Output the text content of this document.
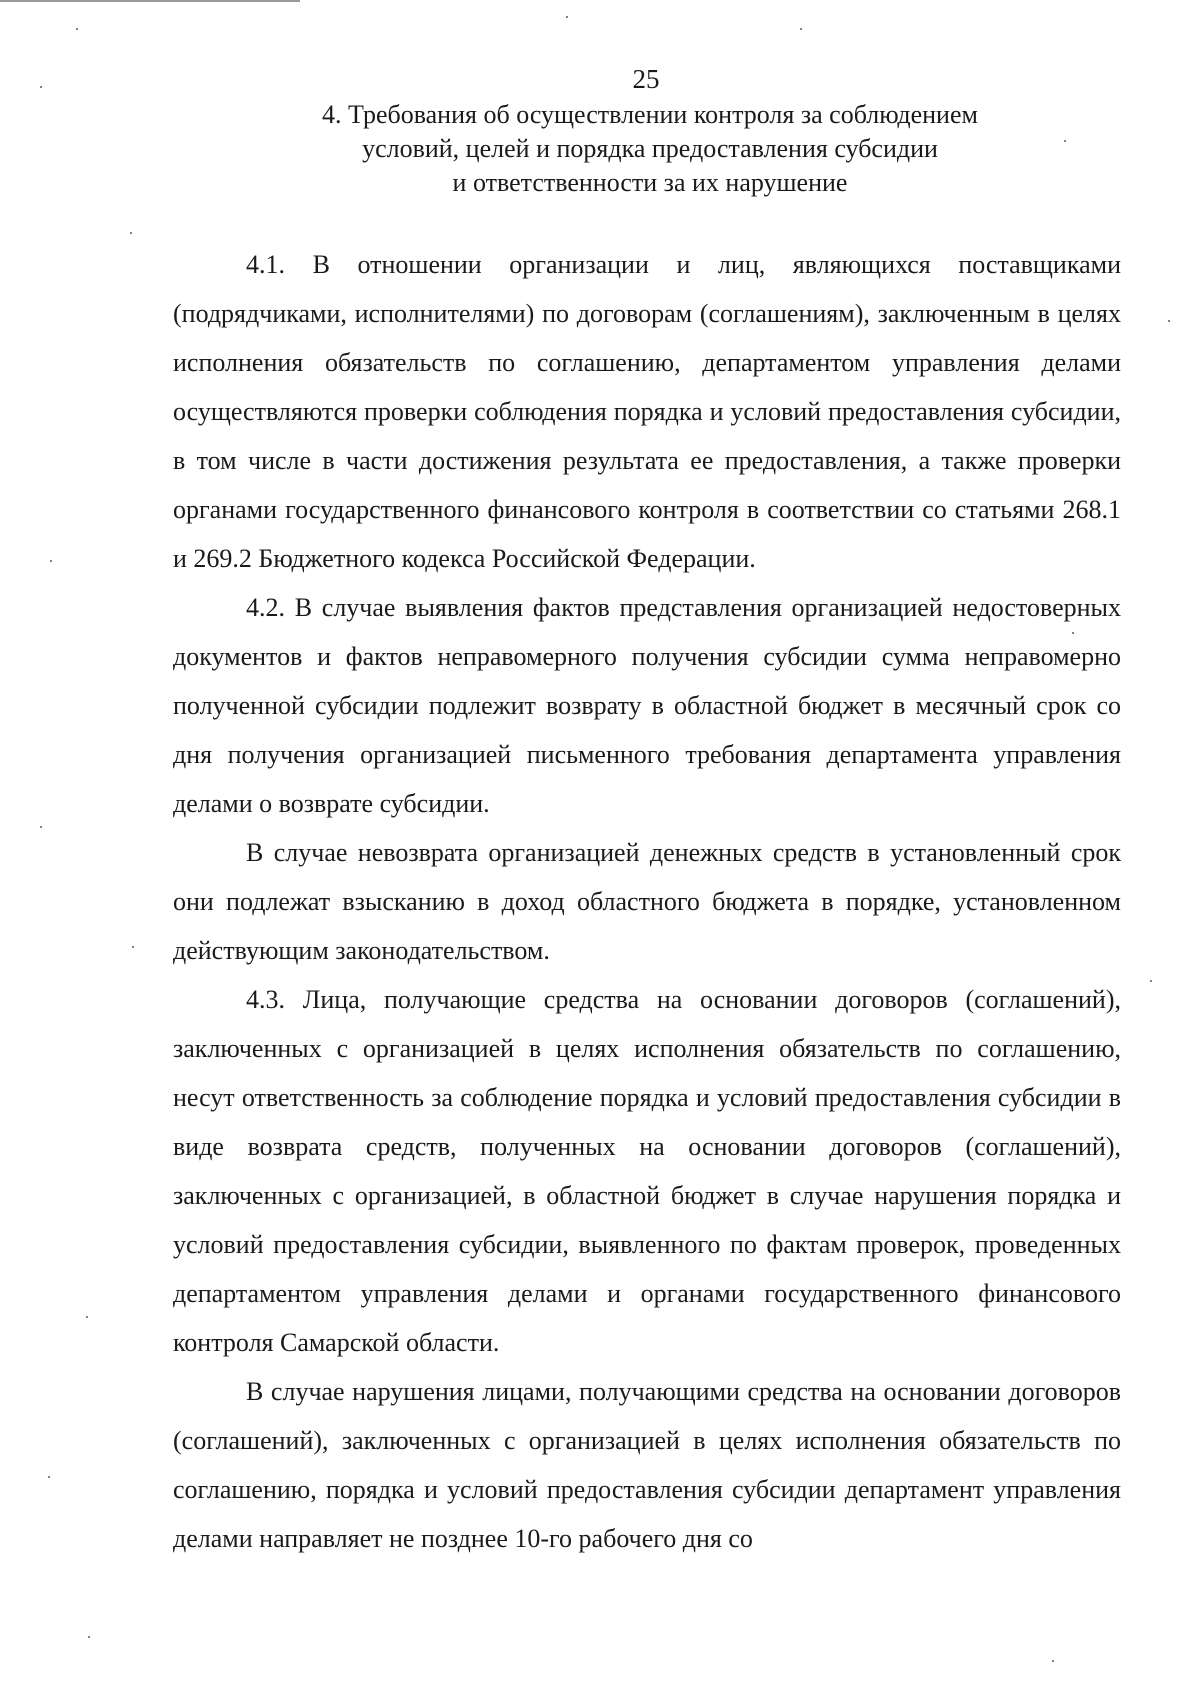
25
4. Требования об осуществлении контроля за соблюдением
условий, целей и порядка предоставления субсидии
и ответственности за их нарушение

4.1. В отношении организации и лиц, являющихся поставщиками (подрядчиками, исполнителями) по договорам (соглашениям), заключенным в целях исполнения обязательств по соглашению, департаментом управления делами осуществляются проверки соблюдения порядка и условий предоставления субсидии, в том числе в части достижения результата ее предоставления, а также проверки органами государственного финансового контроля в соответствии со статьями 268.1 и 269.2 Бюджетного кодекса Российской Федерации.

4.2. В случае выявления фактов представления организацией недостоверных документов и фактов неправомерного получения субсидии сумма неправомерно полученной субсидии подлежит возврату в областной бюджет в месячный срок со дня получения организацией письменного требования департамента управления делами о возврате субсидии.

В случае невозврата организацией денежных средств в установленный срок они подлежат взысканию в доход областного бюджета в порядке, установленном действующим законодательством.

4.3. Лица, получающие средства на основании договоров (соглашений), заключенных с организацией в целях исполнения обязательств по соглашению, несут ответственность за соблюдение порядка и условий предоставления субсидии в виде возврата средств, полученных на основании договоров (соглашений), заключенных с организацией, в областной бюджет в случае нарушения порядка и условий предоставления субсидии, выявленного по фактам проверок, проведенных департаментом управления делами и органами государственного финансового контроля Самарской области.

В случае нарушения лицами, получающими средства на основании договоров (соглашений), заключенных с организацией в целях исполнения обязательств по соглашению, порядка и условий предоставления субсидии департамент управления делами направляет не позднее 10-го рабочего дня со
